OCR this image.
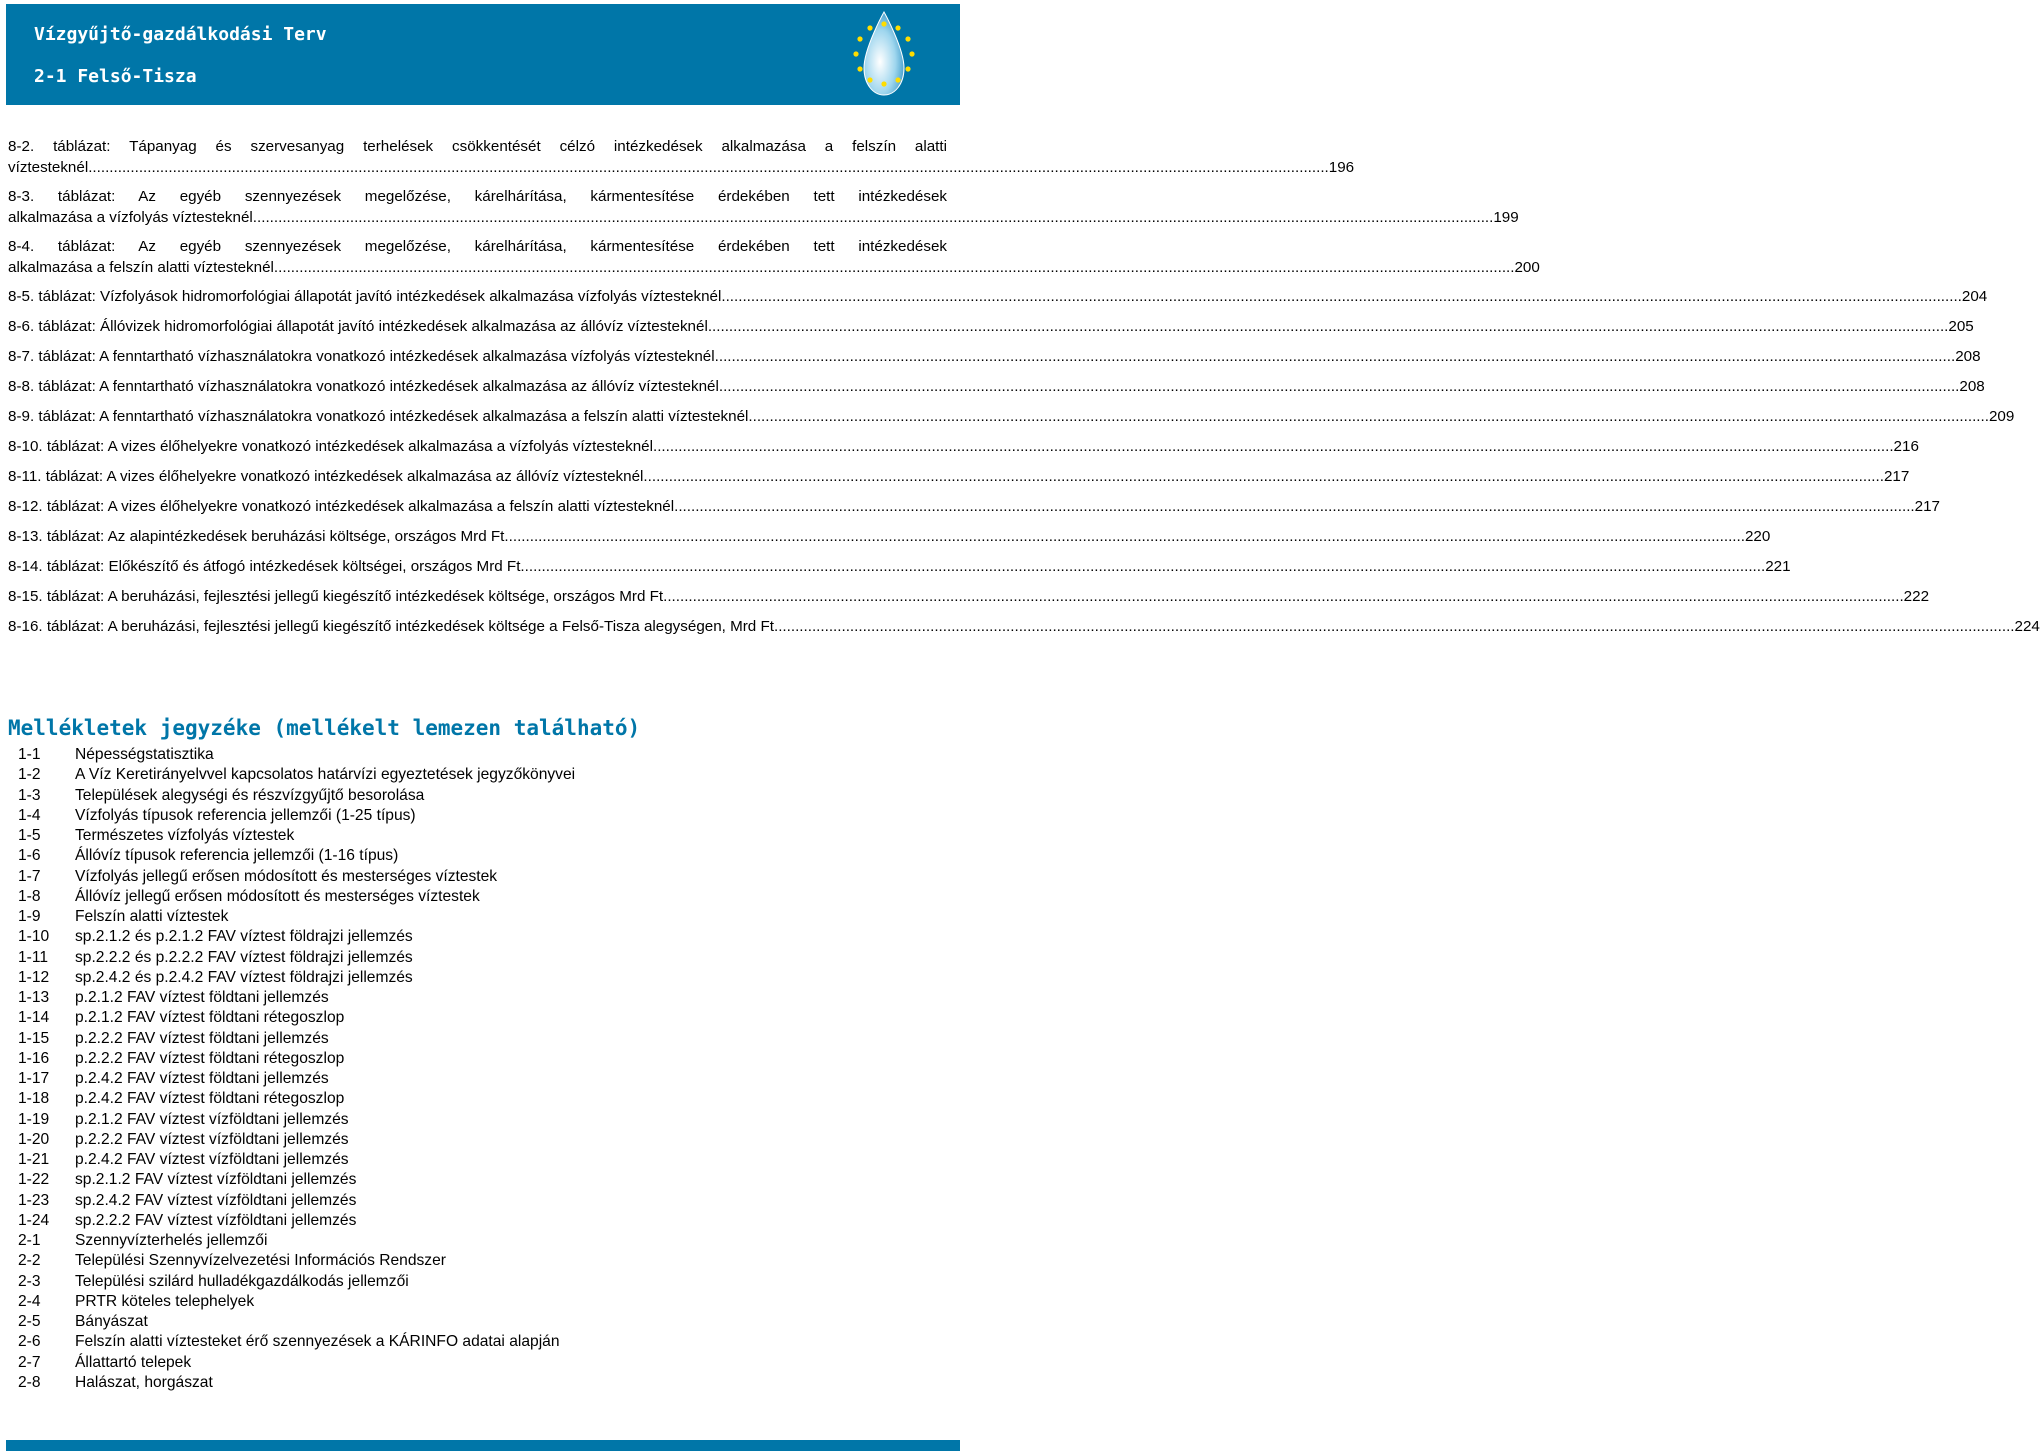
Vízgyűjtő-gazdálkodási Terv
2-1 Felső-Tisza
8-2. táblázat: Tápanyag és szervesanyag terhelések csökkentését célzó intézkedések alkalmazása a felszín alatti
víztesteknél .....	196
8-3. táblázat: Az egyéb szennyezések megelőzése, kárelhárítása, kármentesítése érdekében tett intézkedések
alkalmazása a vízfolyás víztesteknél .....	199
8-4. táblázat: Az egyéb szennyezések megelőzése, kárelhárítása, kármentesítése érdekében tett intézkedések
alkalmazása a felszín alatti víztesteknél .....	200
8-5. táblázat: Vízfolyások hidromorfológiai állapotát javító intézkedések alkalmazása vízfolyás víztesteknél .....	204
8-6. táblázat: Állóvizek hidromorfológiai állapotát javító intézkedések alkalmazása az állóvíz víztesteknél .....	205
8-7. táblázat: A fenntartható vízhasználatokra vonatkozó intézkedések alkalmazása vízfolyás víztesteknél .....	208
8-8. táblázat: A fenntartható vízhasználatokra vonatkozó intézkedések alkalmazása az állóvíz víztesteknél .....	208
8-9. táblázat: A fenntartható vízhasználatokra vonatkozó intézkedések alkalmazása a felszín alatti víztesteknél .....	209
8-10. táblázat: A vizes élőhelyekre vonatkozó intézkedések alkalmazása a vízfolyás víztesteknél .....	216
8-11. táblázat: A vizes élőhelyekre vonatkozó intézkedések alkalmazása az állóvíz víztesteknél .....	217
8-12. táblázat: A vizes élőhelyekre vonatkozó intézkedések alkalmazása a felszín alatti víztesteknél .....	217
8-13. táblázat: Az alapintézkedések beruházási költsége, országos Mrd Ft .....	220
8-14. táblázat: Előkészítő és átfogó intézkedések költségei, országos Mrd Ft. .....	221
8-15. táblázat: A beruházási, fejlesztési jellegű kiegészítő intézkedések költsége, országos Mrd Ft .....	222
8-16. táblázat: A beruházási, fejlesztési jellegű kiegészítő intézkedések költsége a Felső-Tisza alegységen, Mrd Ft .....	224
Mellékletek jegyzéke (mellékelt lemezen található)
1-1	Népességstatisztika
1-2	A Víz Keretirányelvvel kapcsolatos határvízi egyeztetések jegyzőkönyvei
1-3	Települések alegységi és részvízgyűjtő besorolása
1-4	Vízfolyás típusok referencia jellemzői (1-25 típus)
1-5	Természetes vízfolyás víztestek
1-6	Állóvíz típusok referencia jellemzői (1-16 típus)
1-7	Vízfolyás jellegű erősen módosított és mesterséges víztestek
1-8	Állóvíz jellegű erősen módosított és mesterséges víztestek
1-9	Felszín alatti víztestek
1-10	sp.2.1.2 és p.2.1.2 FAV víztest földrajzi jellemzés
1-11	sp.2.2.2 és p.2.2.2 FAV víztest földrajzi jellemzés
1-12	sp.2.4.2 és p.2.4.2 FAV víztest földrajzi jellemzés
1-13	p.2.1.2 FAV víztest földtani jellemzés
1-14	p.2.1.2 FAV víztest földtani rétegoszlop
1-15	p.2.2.2 FAV víztest földtani jellemzés
1-16	p.2.2.2 FAV víztest földtani rétegoszlop
1-17	p.2.4.2 FAV víztest földtani jellemzés
1-18	p.2.4.2 FAV víztest földtani rétegoszlop
1-19	p.2.1.2 FAV víztest vízföldtani jellemzés
1-20	p.2.2.2 FAV víztest vízföldtani jellemzés
1-21	p.2.4.2 FAV víztest vízföldtani jellemzés
1-22	sp.2.1.2 FAV víztest vízföldtani jellemzés
1-23	sp.2.4.2 FAV víztest vízföldtani jellemzés
1-24	sp.2.2.2 FAV víztest vízföldtani jellemzés
2-1	Szennyvízterhelés jellemzői
2-2	Települési Szennyvízelvezetési Információs Rendszer
2-3	Települési szilárd hulladékgazdálkodás jellemzői
2-4	PRTR köteles telephelyek
2-5	Bányászat
2-6	Felszín alatti víztesteket érő szennyezések a KÁRINFO adatai alapján
2-7	Állattartó telepek
2-8	Halászat, horgászat
